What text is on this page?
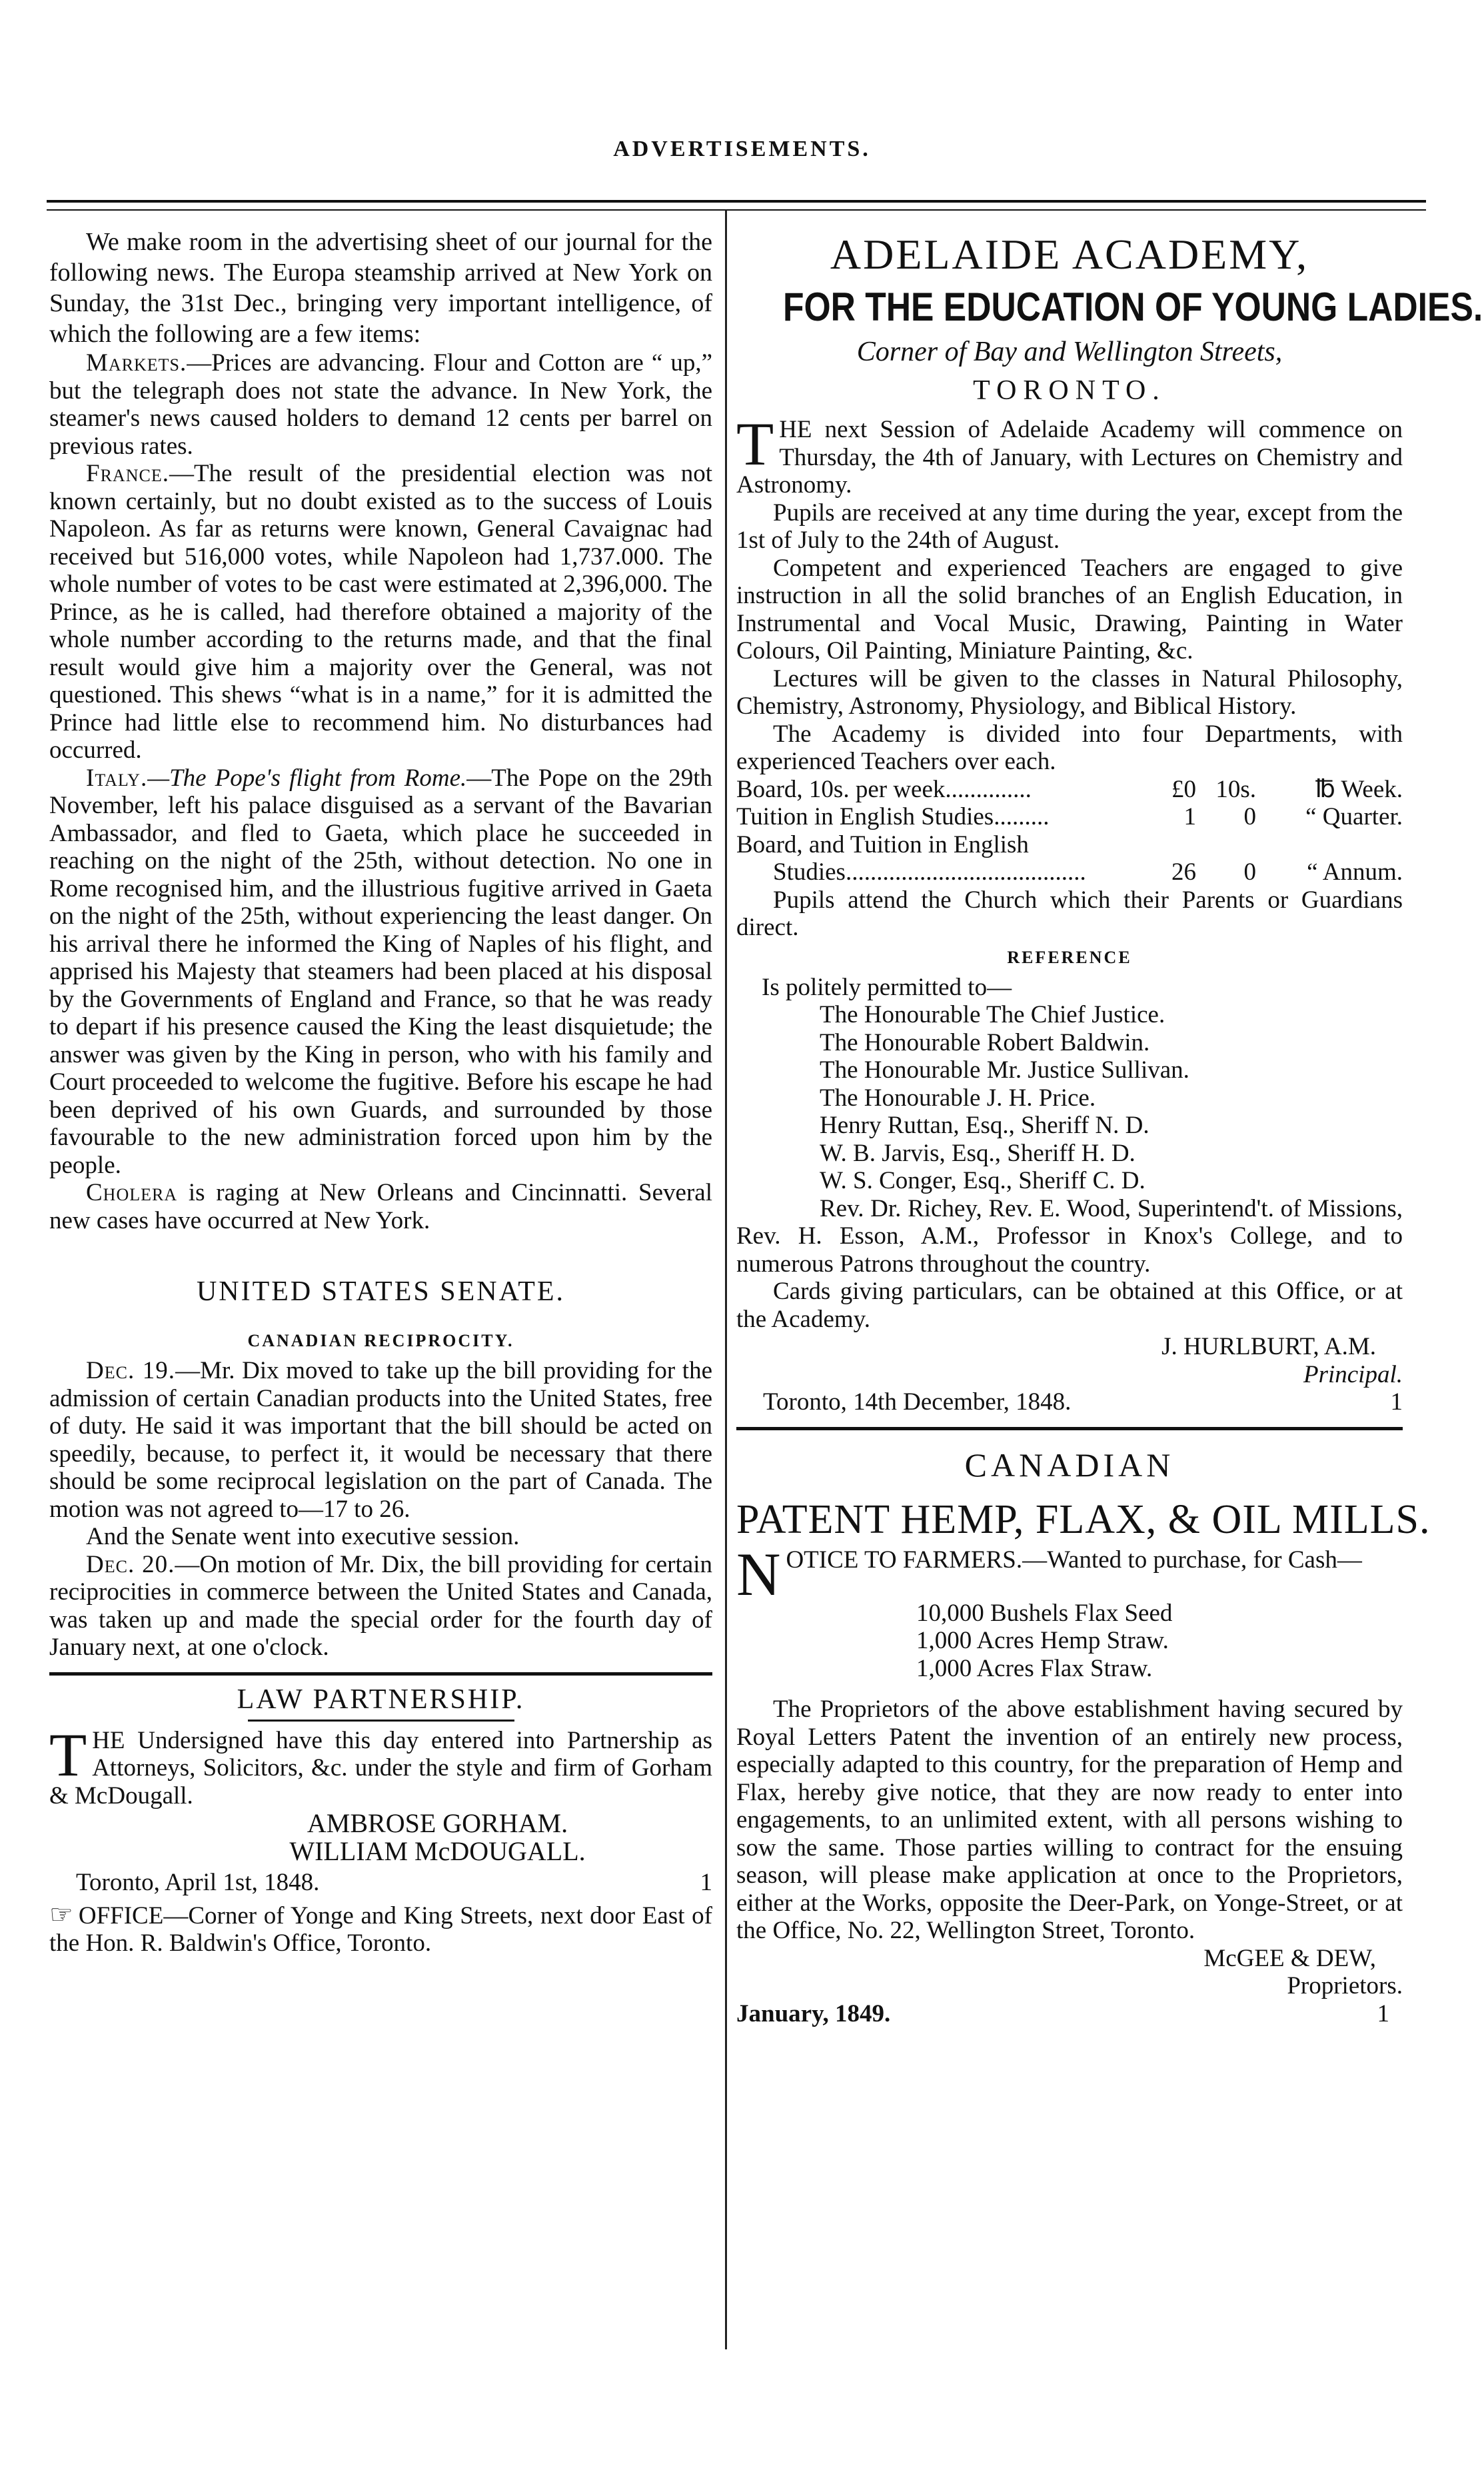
ADVERTISEMENTS.

We make room in the advertising sheet of our journal for the following news. The Europa steamship arrived at New York on Sunday, the 31st Dec., bringing very important intelligence, of which the following are a few items:

Markets.—Prices are advancing. Flour and Cotton are “ up,” but the telegraph does not state the advance. In New York, the steamer's news caused holders to demand 12 cents per barrel on previous rates.

France.—The result of the presidential election was not known certainly, but no doubt existed as to the success of Louis Napoleon. As far as returns were known, General Cavaignac had received but 516,000 votes, while Napoleon had 1,737.000. The whole number of votes to be cast were estimated at 2,396,000. The Prince, as he is called, had therefore obtained a majority of the whole number according to the returns made, and that the final result would give him a majority over the General, was not questioned. This shews “what is in a name,” for it is admitted the Prince had little else to recommend him. No disturbances had occurred.

Italy.—The Pope's flight from Rome.—The Pope on the 29th November, left his palace disguised as a servant of the Bavarian Ambassador, and fled to Gaeta, which place he succeeded in reaching on the night of the 25th, without detection. No one in Rome recognised him, and the illustrious fugitive arrived in Gaeta on the night of the 25th, without experiencing the least danger. On his arrival there he informed the King of Naples of his flight, and apprised his Majesty that steamers had been placed at his disposal by the Governments of England and France, so that he was ready to depart if his presence caused the King the least disquietude; the answer was given by the King in person, who with his family and Court proceeded to welcome the fugitive. Before his escape he had been deprived of his own Guards, and surrounded by those favourable to the new administration forced upon him by the people.

Cholera is raging at New Orleans and Cincinnatti. Several new cases have occurred at New York.

UNITED STATES SENATE.
CANADIAN RECIPROCITY.

Dec. 19.—Mr. Dix moved to take up the bill providing for the admission of certain Canadian products into the United States, free of duty. He said it was important that the bill should be acted on speedily, because, to perfect it, it would be necessary that there should be some reciprocal legislation on the part of Canada. The motion was not agreed to—17 to 26.

And the Senate went into executive session.

Dec. 20.—On motion of Mr. Dix, the bill providing for certain reciprocities in commerce between the United States and Canada, was taken up and made the special order for the fourth day of January next, at one o'clock.

LAW PARTNERSHIP.

THE Undersigned have this day entered into Partnership as Attorneys, Solicitors, &c. under the style and firm of Gorham & McDougall.

AMBROSE GORHAM.
WILLIAM McDOUGALL.
Toronto, April 1st, 1848.	1

☞ OFFICE—Corner of Yonge and King Streets, next door East of the Hon. R. Baldwin's Office, Toronto.

ADELAIDE ACADEMY,
FOR THE EDUCATION OF YOUNG LADIES.
Corner of Bay and Wellington Streets,
TORONTO.

THE next Session of Adelaide Academy will commence on Thursday, the 4th of January, with Lectures on Chemistry and Astronomy.

Pupils are received at any time during the year, except from the 1st of July to the 24th of August.

Competent and experienced Teachers are engaged to give instruction in all the solid branches of an English Education, in Instrumental and Vocal Music, Drawing, Painting in Water Colours, Oil Painting, Miniature Painting, &c.

Lectures will be given to the classes in Natural Philosophy, Chemistry, Astronomy, Physiology, and Biblical History.

The Academy is divided into four Departments, with experienced Teachers over each.

Board, 10s. per week..............	£0 10s.	℔ Week.
Tuition in English Studies.........	1	0	“ Quarter.
Board, and Tuition in English
Studies.......................................	26	0	“ Annum.

Pupils attend the Church which their Parents or Guardians direct.

REFERENCE

Is politely permitted to—

The Honourable The Chief Justice.
The Honourable Robert Baldwin.
The Honourable Mr. Justice Sullivan.
The Honourable J. H. Price.
Henry Ruttan, Esq., Sheriff N. D.
W. B. Jarvis, Esq., Sheriff H. D.
W. S. Conger, Esq., Sheriff C. D.

Rev. Dr. Richey, Rev. E. Wood, Superintend't. of Missions, Rev. H. Esson, A.M., Professor in Knox's College, and to numerous Patrons throughout the country.

Cards giving particulars, can be obtained at this Office, or at the Academy.

J. HURLBURT, A.M.
Principal.
Toronto, 14th December, 1848.	1
CANADIAN
PATENT HEMP, FLAX, & OIL MILLS.

NOTICE TO FARMERS.—Wanted to purchase, for Cash—

10,000 Bushels Flax Seed
1,000 Acres Hemp Straw.
1,000 Acres Flax Straw.

The Proprietors of the above establishment having secured by Royal Letters Patent the invention of an entirely new process, especially adapted to this country, for the preparation of Hemp and Flax, hereby give notice, that they are now ready to enter into engagements, to an unlimited extent, with all persons wishing to sow the same. Those parties willing to contract for the ensuing season, will please make application at once to the Proprietors, either at the Works, opposite the Deer-Park, on Yonge-Street, or at the Office, No. 22, Wellington Street, Toronto.

McGEE & DEW,
Proprietors.
January, 1849.	1
